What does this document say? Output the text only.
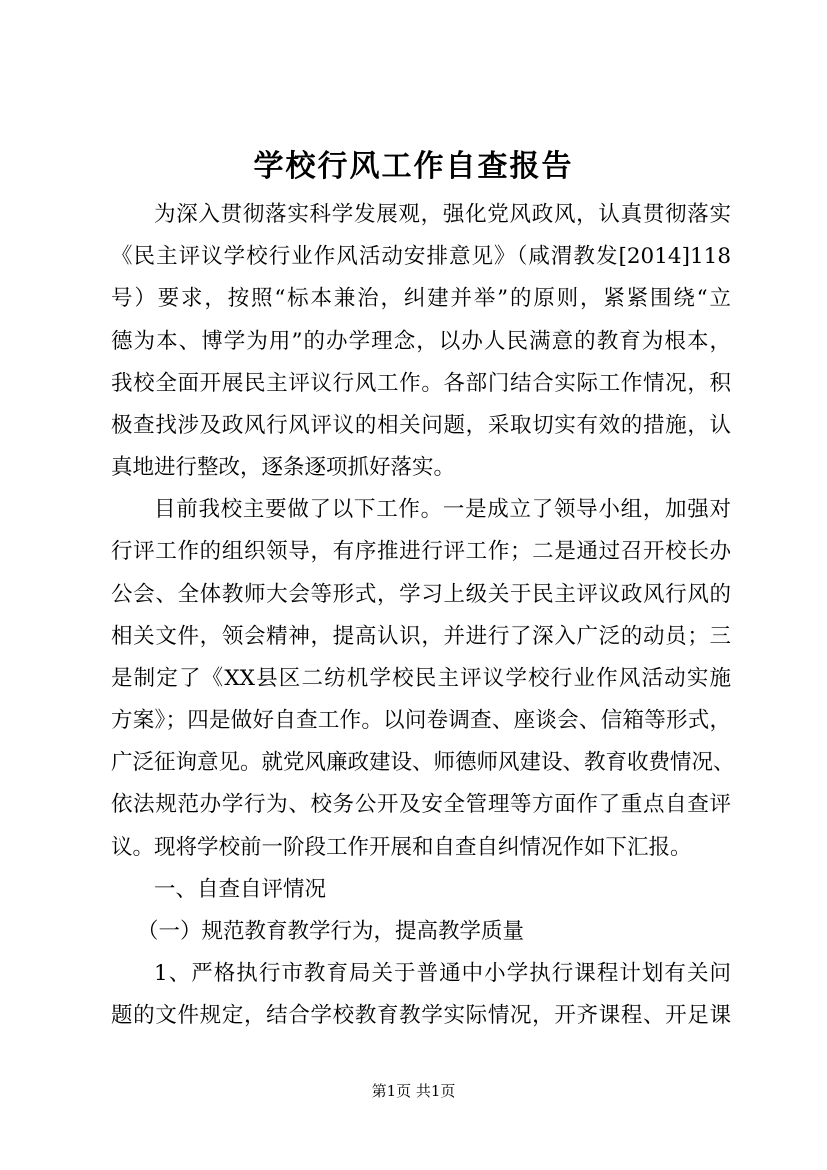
学校行风工作自查报告
为深入贯彻落实科学发展观，强化党风政风，认真贯彻落实
《民主评议学校行业作风活动安排意见》（咸渭教发[2014]118
号）要求，按照“标本兼治，纠建并举”的原则，紧紧围绕“立
德为本、博学为用”的办学理念，以办人民满意的教育为根本，
我校全面开展民主评议行风工作。各部门结合实际工作情况，积
极查找涉及政风行风评议的相关问题，采取切实有效的措施，认
真地进行整改，逐条逐项抓好落实。
目前我校主要做了以下工作。一是成立了领导小组，加强对
行评工作的组织领导，有序推进行评工作；二是通过召开校长办
公会、全体教师大会等形式，学习上级关于民主评议政风行风的
相关文件，领会精神，提高认识，并进行了深入广泛的动员；三
是制定了《XX县区二纺机学校民主评议学校行业作风活动实施
方案》；四是做好自查工作。以问卷调查、座谈会、信箱等形式，
广泛征询意见。就党风廉政建设、师德师风建设、教育收费情况、
依法规范办学行为、校务公开及安全管理等方面作了重点自查评
议。现将学校前一阶段工作开展和自查自纠情况作如下汇报。
一、自查自评情况
（一）规范教育教学行为，提高教学质量
1、严格执行市教育局关于普通中小学执行课程计划有关问
题的文件规定，结合学校教育教学实际情况，开齐课程、开足课
第1页 共1页
